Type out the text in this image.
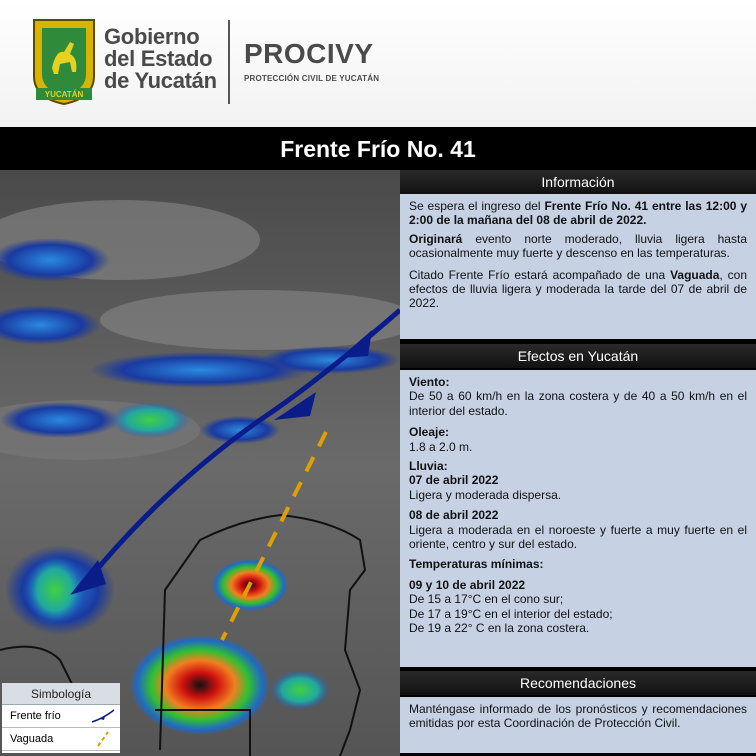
YUCATÁN
Gobierno
del Estado
de Yucatán
PROCIVY
PROTECCIÓN CIVIL DE YUCATÁN
Frente Frío No. 41
Simbología
Frente frío
Vaguada
Información

Se espera el ingreso del Frente Frío No. 41 entre las 12:00 y 2:00 de la mañana del 08 de abril de 2022.

Originará evento norte moderado, lluvia ligera hasta ocasionalmente muy fuerte y descenso en las temperaturas.

Citado Frente Frío estará acompañado de una Vaguada, con efectos de lluvia ligera y moderada la tarde del 07 de abril de 2022.

Efectos en Yucatán
Viento:

De 50 a 60 km/h en la zona costera y de 40 a 50 km/h en el interior del estado.

Oleaje:

1.8 a 2.0 m.

Lluvia:
07 de abril 2022

Ligera y moderada dispersa.

08 de abril 2022

Ligera a moderada en el noroeste y fuerte a muy fuerte en el oriente, centro y sur del estado.

Temperaturas mínimas:
09 y 10 de abril 2022

De 15 a 17°C en el cono sur;

De 17 a 19°C en el interior del estado;

De 19 a 22° C en la zona costera.

Recomendaciones

Manténgase informado de los pronósticos y recomendaciones emitidas por esta Coordinación de Protección Civil.
